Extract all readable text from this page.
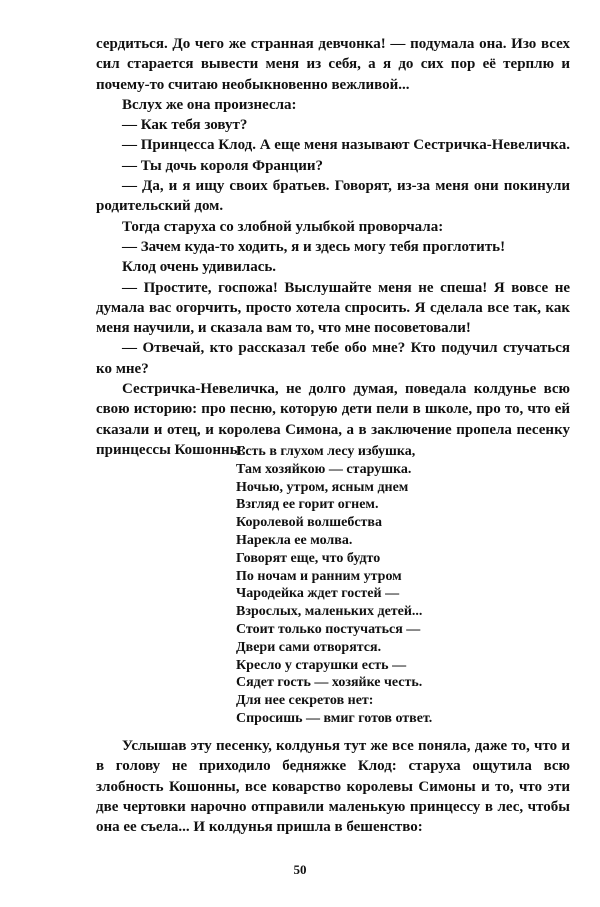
сердиться. До чего же странная девчонка! — подумала она. Изо всех сил старается вывести меня из себя, а я до сих пор её терплю и почему-то считаю необыкновенно вежливой...

Вслух же она произнесла:

— Как тебя зовут?

— Принцесса Клод. А еще меня называют Сестричка-Невеличка.

— Ты дочь короля Франции?

— Да, и я ищу своих братьев. Говорят, из-за меня они покинули родительский дом.

Тогда старуха со злобной улыбкой проворчала:

— Зачем куда-то ходить, я и здесь могу тебя проглотить!

Клод очень удивилась.

— Простите, госпожа! Выслушайте меня не спеша! Я вовсе не думала вас огорчить, просто хотела спросить. Я сделала все так, как меня научили, и сказала вам то, что мне посоветовали!

— Отвечай, кто рассказал тебе обо мне? Кто подучил стучаться ко мне?

Сестричка-Невеличка, не долго думая, поведала колдунье всю свою историю: про песню, которую дети пели в школе, про то, что ей сказали и отец, и королева Симона, а в заключение пропела песенку принцессы Кошонны:

Есть в глухом лесу избушка,
Там хозяйкою — старушка.
Ночью, утром, ясным днем
Взгляд ее горит огнем.
Королевой волшебства
Нарекла ее молва.
Говорят еще, что будто
По ночам и ранним утром
Чародейка ждет гостей —
Взрослых, маленьких детей...
Стоит только постучаться —
Двери сами отворятся.
Кресло у старушки есть —
Сядет гость — хозяйке честь.
Для нее секретов нет:
Спросишь — вмиг готов ответ.

Услышав эту песенку, колдунья тут же все поняла, даже то, что и в голову не приходило бедняжке Клод: старуха ощутила всю злобность Кошонны, все коварство королевы Симоны и то, что эти две чертовки нарочно отправили маленькую принцессу в лес, чтобы она ее съела... И колдунья пришла в бешенство:

50
